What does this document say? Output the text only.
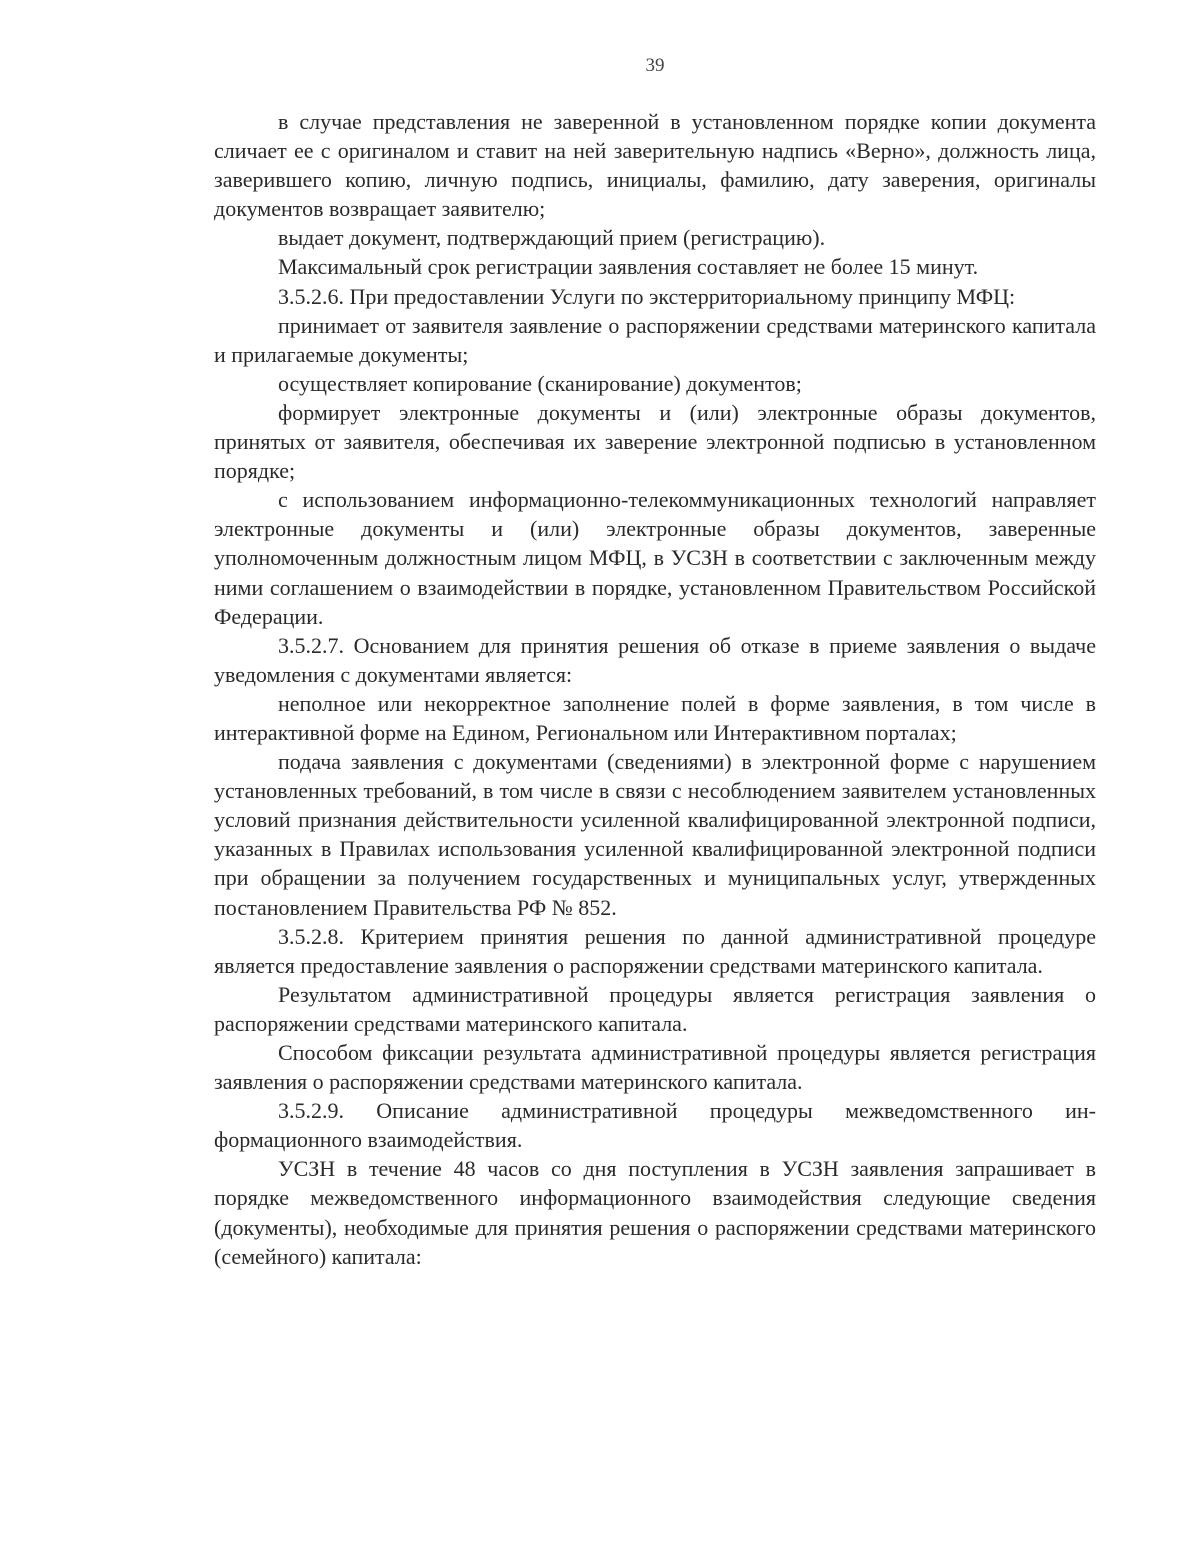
39

в случае представления не заверенной в установленном порядке копии документа сличает ее с оригиналом и ставит на ней заверительную надпись «Верно», должность лица, заверившего копию, личную подпись, инициалы, фамилию, дату заверения, оригиналы документов возвращает заявителю;

выдает документ, подтверждающий прием (регистрацию).

Максимальный срок регистрации заявления составляет не более 15 минут.

3.5.2.6. При предоставлении Услуги по экстерриториальному принципу МФЦ:

принимает от заявителя заявление о распоряжении средствами материнского капитала и прилагаемые документы;

осуществляет копирование (сканирование) документов;

формирует электронные документы и (или) электронные образы документов, принятых от заявителя, обеспечивая их заверение электронной подписью в установленном порядке;

с использованием информационно-телекоммуникационных технологий направляет электронные документы и (или) электронные образы документов, заверенные уполномоченным должностным лицом МФЦ, в УСЗН в соответствии с заключенным между ними соглашением о взаимодействии в порядке, установленном Правительством Российской Федерации.

3.5.2.7. Основанием для принятия решения об отказе в приеме заявления о выдаче уведомления с документами является:

неполное или некорректное заполнение полей в форме заявления, в том числе в интерактивной форме на Едином, Региональном или Интерактивном порталах;

подача заявления с документами (сведениями) в электронной форме с нарушением установленных требований, в том числе в связи с несоблюдением заявителем установленных условий признания действительности усиленной квалифицированной электронной подписи, указанных в Правилах использования усиленной квалифицированной электронной подписи при обращении за получением государственных и муниципальных услуг, утвержденных постановлением Правительства РФ № 852.

3.5.2.8. Критерием принятия решения по данной административной процедуре является предоставление заявления о распоряжении средствами материнского капитала.

Результатом административной процедуры является регистрация заявления о распоряжении средствами материнского капитала.

Способом фиксации результата административной процедуры является регистрация заявления о распоряжении средствами материнского капитала.

3.5.2.9. Описание административной процедуры межведомственного информационного взаимодействия.

УСЗН в течение 48 часов со дня поступления в УСЗН заявления запрашивает в порядке межведомственного информационного взаимодействия следующие сведения (документы), необходимые для принятия решения о распоряжении средствами материнского (семейного) капитала:
